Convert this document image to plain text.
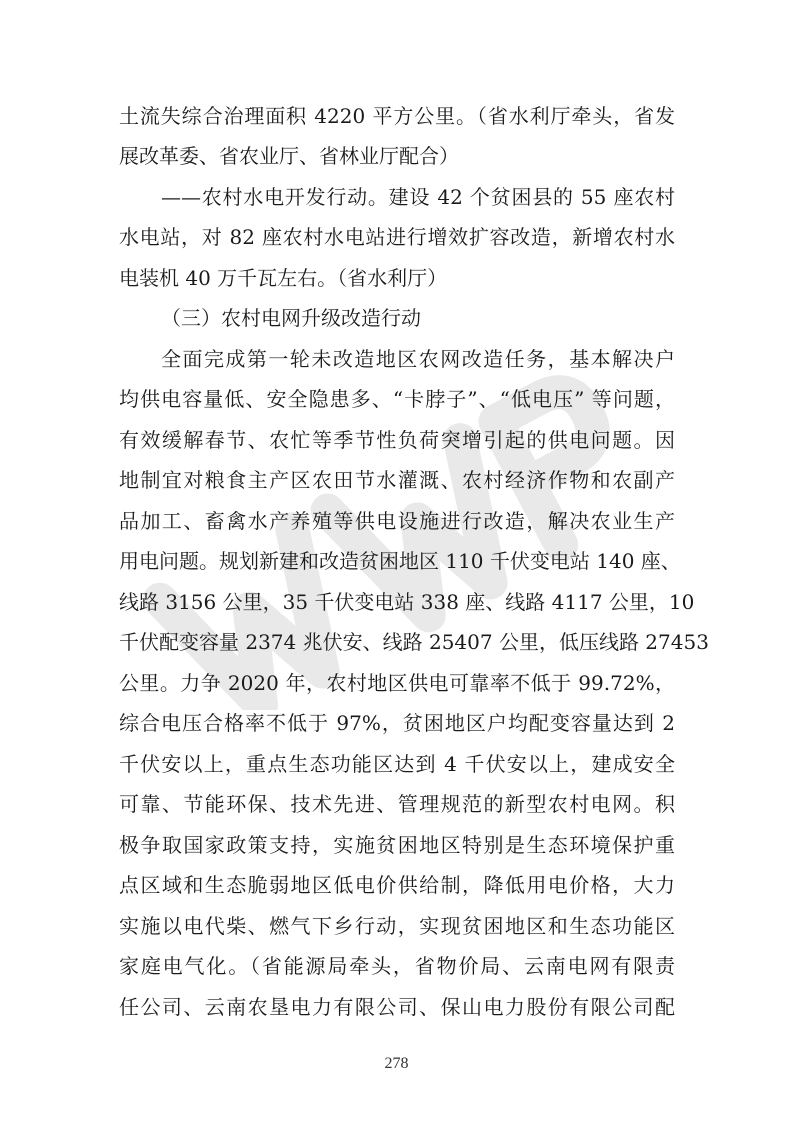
土流失综合治理面积 4220 平方公里。（省水利厅牵头，省发
展改革委、省农业厅、省林业厅配合）
——农村水电开发行动。建设 42 个贫困县的 55 座农村
水电站，对 82 座农村水电站进行增效扩容改造，新增农村水
电装机 40 万千瓦左右。（省水利厅）
（三）农村电网升级改造行动
全面完成第一轮未改造地区农网改造任务，基本解决户
均供电容量低、安全隐患多、“卡脖子”、“低电压” 等问题，
有效缓解春节、农忙等季节性负荷突增引起的供电问题。因
地制宜对粮食主产区农田节水灌溉、农村经济作物和农副产
品加工、畜禽水产养殖等供电设施进行改造，解决农业生产
用电问题。规划新建和改造贫困地区 110 千伏变电站 140 座、
线路 3156 公里，35 千伏变电站 338 座、线路 4117 公里，10
千伏配变容量 2374 兆伏安、线路 25407 公里，低压线路 27453
公里。力争 2020 年，农村地区供电可靠率不低于 99.72%，
综合电压合格率不低于 97%，贫困地区户均配变容量达到 2
千伏安以上，重点生态功能区达到 4 千伏安以上，建成安全
可靠、节能环保、技术先进、管理规范的新型农村电网。积
极争取国家政策支持，实施贫困地区特别是生态环境保护重
点区域和生态脆弱地区低电价供给制，降低用电价格，大力
实施以电代柴、燃气下乡行动，实现贫困地区和生态功能区
家庭电气化。（省能源局牵头，省物价局、云南电网有限责
任公司、云南农垦电力有限公司、保山电力股份有限公司配
278
